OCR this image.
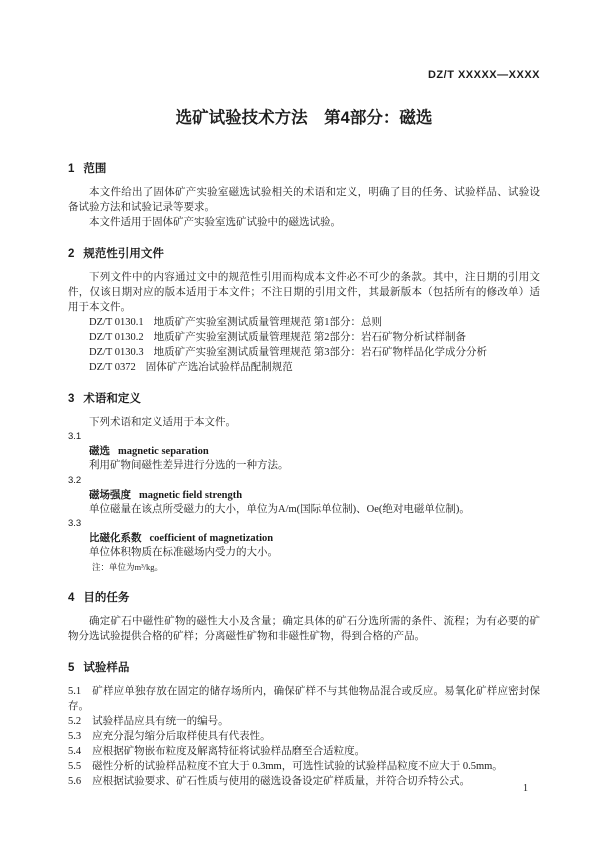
DZ/T XXXXX—XXXX
选矿试验技术方法　第4部分：磁选
1 范围

本文件给出了固体矿产实验室磁选试验相关的术语和定义，明确了目的任务、试验样品、试验设备试验方法和试验记录等要求。

本文件适用于固体矿产实验室选矿试验中的磁选试验。

2 规范性引用文件

下列文件中的内容通过文中的规范性引用而构成本文件必不可少的条款。其中，注日期的引用文件，仅该日期对应的版本适用于本文件；不注日期的引用文件，其最新版本（包括所有的修改单）适用于本文件。

DZ/T 0130.1 地质矿产实验室测试质量管理规范 第1部分：总则
DZ/T 0130.2 地质矿产实验室测试质量管理规范 第2部分：岩石矿物分析试样制备
DZ/T 0130.3 地质矿产实验室测试质量管理规范 第3部分：岩石矿物样品化学成分分析
DZ/T 0372 固体矿产选冶试验样品配制规范
3 术语和定义

下列术语和定义适用于本文件。

3.1
磁选 magnetic separation
利用矿物间磁性差异进行分选的一种方法。
3.2
磁场强度 magnetic field strength
单位磁量在该点所受磁力的大小，单位为A/m(国际单位制)、Oe(绝对电磁单位制)。
3.3
比磁化系数 coefficient of magnetization
单位体积物质在标准磁场内受力的大小。
注：单位为m³/kg。
4 目的任务

确定矿石中磁性矿物的磁性大小及含量；确定具体的矿石分选所需的条件、流程；为有必要的矿物分选试验提供合格的矿样；分离磁性矿物和非磁性矿物，得到合格的产品。

5 试验样品

5.1 矿样应单独存放在固定的储存场所内，确保矿样不与其他物品混合或反应。易氧化矿样应密封保存。

5.2 试验样品应具有统一的编号。

5.3 应充分混匀缩分后取样使具有代表性。

5.4 应根据矿物嵌布粒度及解离特征将试验样品磨至合适粒度。

5.5 磁性分析的试验样品粒度不宜大于 0.3mm，可选性试验的试验样品粒度不应大于 0.5mm。

5.6 应根据试验要求、矿石性质与使用的磁选设备设定矿样质量，并符合切乔特公式。

1
